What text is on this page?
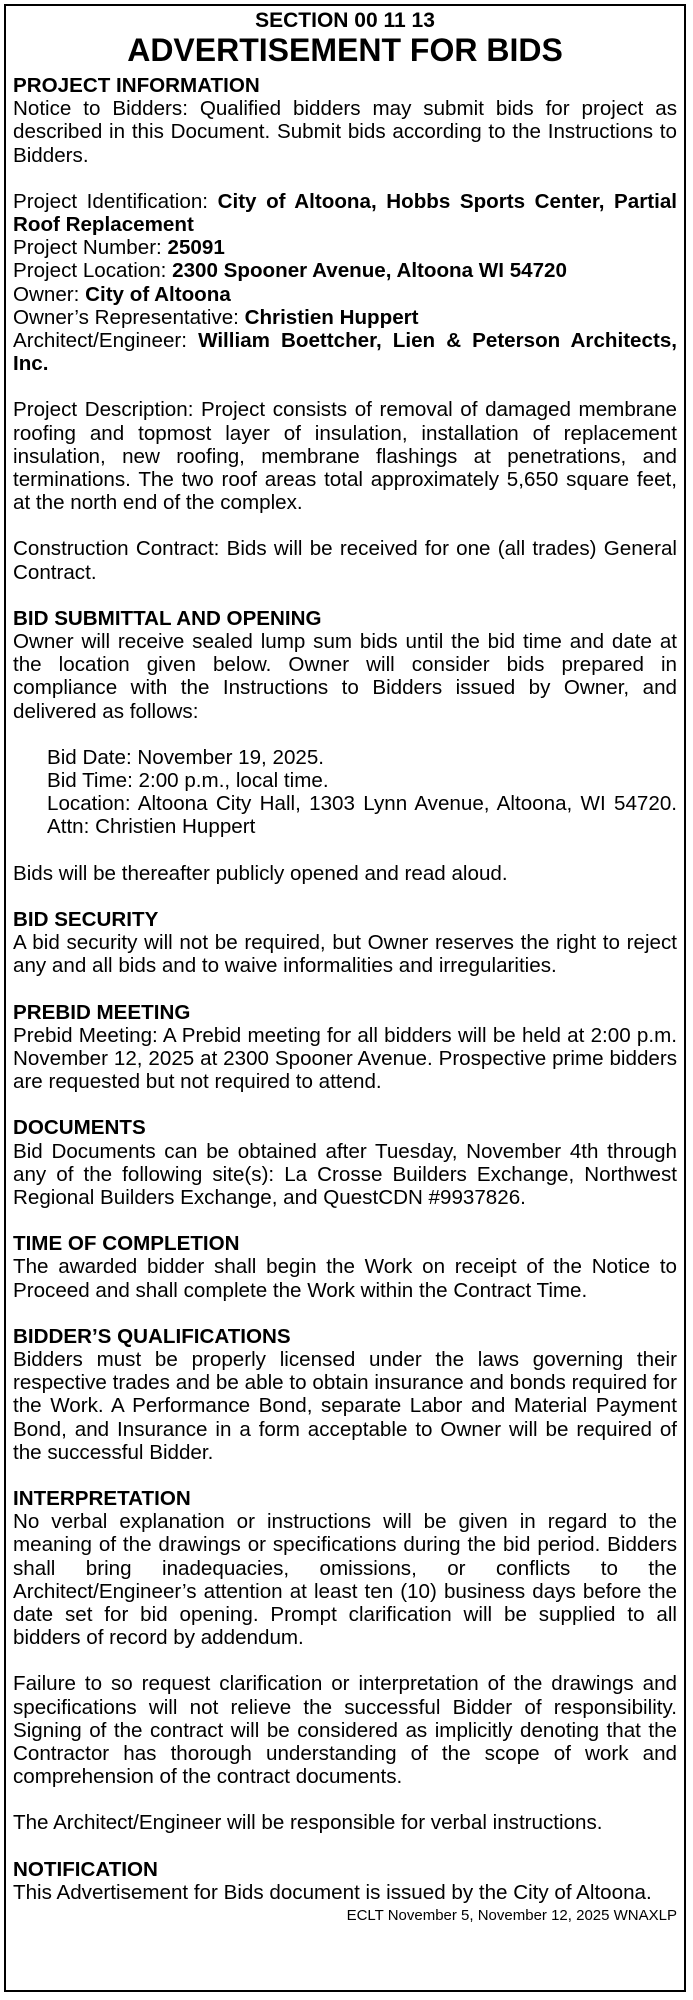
SECTION 00 11 13
ADVERTISEMENT FOR BIDS
PROJECT INFORMATION

Notice to Bidders: Qualified bidders may submit bids for project as described in this Document. Submit bids according to the Instructions to Bidders.

Project Identification: City of Altoona, Hobbs Sports Center, Partial Roof Replacement

Project Number: 25091

Project Location: 2300 Spooner Avenue, Altoona WI 54720

Owner: City of Altoona

Owner’s Representative: Christien Huppert

Architect/Engineer: William Boettcher, Lien & Peterson Architects, Inc.

Project Description: Project consists of removal of damaged membrane roofing and topmost layer of insulation, installation of replacement insulation, new roofing, membrane flashings at penetrations, and terminations. The two roof areas total approximately 5,650 square feet, at the north end of the complex.

Construction Contract: Bids will be received for one (all trades) General Contract.

BID SUBMITTAL AND OPENING

Owner will receive sealed lump sum bids until the bid time and date at the location given below. Owner will consider bids prepared in compliance with the Instructions to Bidders issued by Owner, and delivered as follows:

Bid Date: November 19, 2025.

Bid Time: 2:00 p.m., local time.

Location: Altoona City Hall, 1303 Lynn Avenue, Altoona, WI 54720. Attn: Christien Huppert

Bids will be thereafter publicly opened and read aloud.

BID SECURITY

A bid security will not be required, but Owner reserves the right to reject any and all bids and to waive informalities and irregularities.

PREBID MEETING

Prebid Meeting: A Prebid meeting for all bidders will be held at 2:00 p.m. November 12, 2025 at 2300 Spooner Avenue. Prospective prime bidders are requested but not required to attend.

DOCUMENTS

Bid Documents can be obtained after Tuesday, November 4th through any of the following site(s): La Crosse Builders Exchange, Northwest Regional Builders Exchange, and QuestCDN #9937826.

TIME OF COMPLETION

The awarded bidder shall begin the Work on receipt of the Notice to Proceed and shall complete the Work within the Contract Time.

BIDDER’S QUALIFICATIONS

Bidders must be properly licensed under the laws governing their respective trades and be able to obtain insurance and bonds required for the Work. A Performance Bond, separate Labor and Material Payment Bond, and Insurance in a form acceptable to Owner will be required of the successful Bidder.

INTERPRETATION

No verbal explanation or instructions will be given in regard to the meaning of the drawings or specifications during the bid period. Bidders shall bring inadequacies, omissions, or conflicts to the Architect/Engineer’s attention at least ten (10) business days before the date set for bid opening. Prompt clarification will be supplied to all bidders of record by addendum.

Failure to so request clarification or interpretation of the drawings and specifications will not relieve the successful Bidder of responsibility. Signing of the contract will be considered as implicitly denoting that the Contractor has thorough understanding of the scope of work and comprehension of the contract documents.

The Architect/Engineer will be responsible for verbal instructions.

NOTIFICATION

This Advertisement for Bids document is issued by the City of Altoona.

ECLT November 5, November 12, 2025 WNAXLP
